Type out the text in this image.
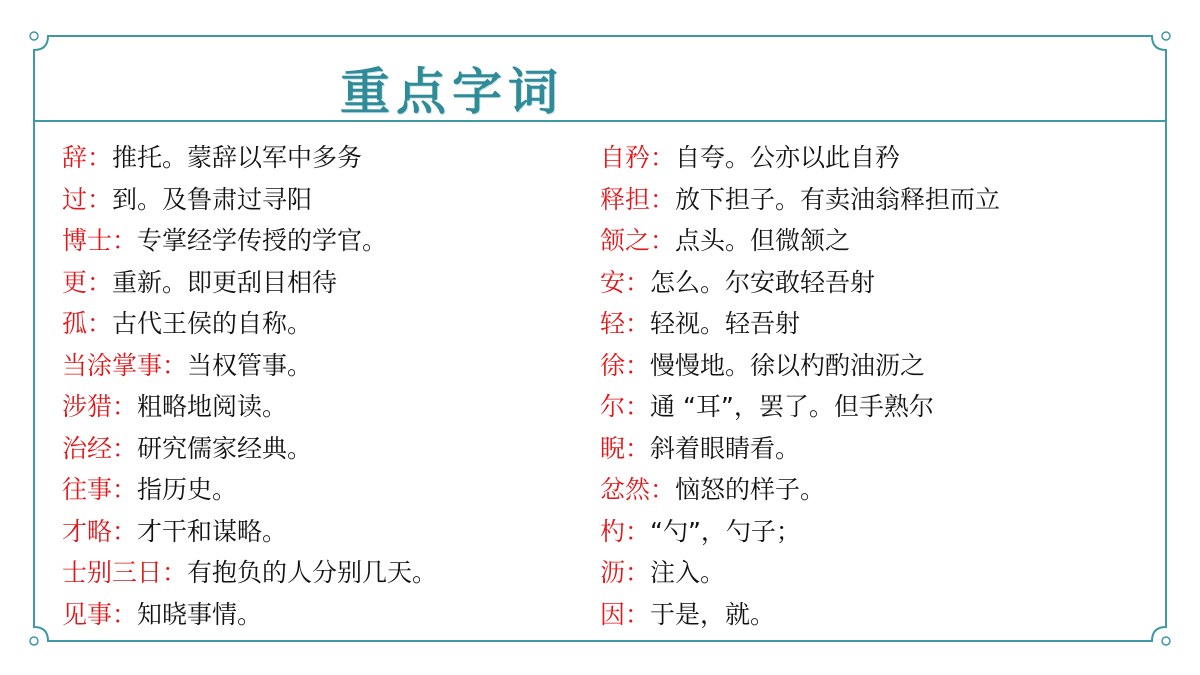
重点字词
辞：推托。蒙辞以军中多务
过：到。及鲁肃过寻阳
博士：专掌经学传授的学官。
更：重新。即更刮目相待
孤：古代王侯的自称。
当涂掌事：当权管事。
涉猎：粗略地阅读。
治经：研究儒家经典。
往事：指历史。
才略：才干和谋略。
士别三日：有抱负的人分别几天。
见事：知晓事情。
自矜：自夸。公亦以此自矜
释担：放下担子。有卖油翁释担而立
颔之：点头。但微颔之
安：怎么。尔安敢轻吾射
轻：轻视。轻吾射
徐：慢慢地。徐以杓酌油沥之
尔：通 “耳”，罢了。但手熟尔
睨：斜着眼睛看。
忿然：恼怒的样子。
杓：“勺”，勺子；
沥：注入。
因：于是，就。
